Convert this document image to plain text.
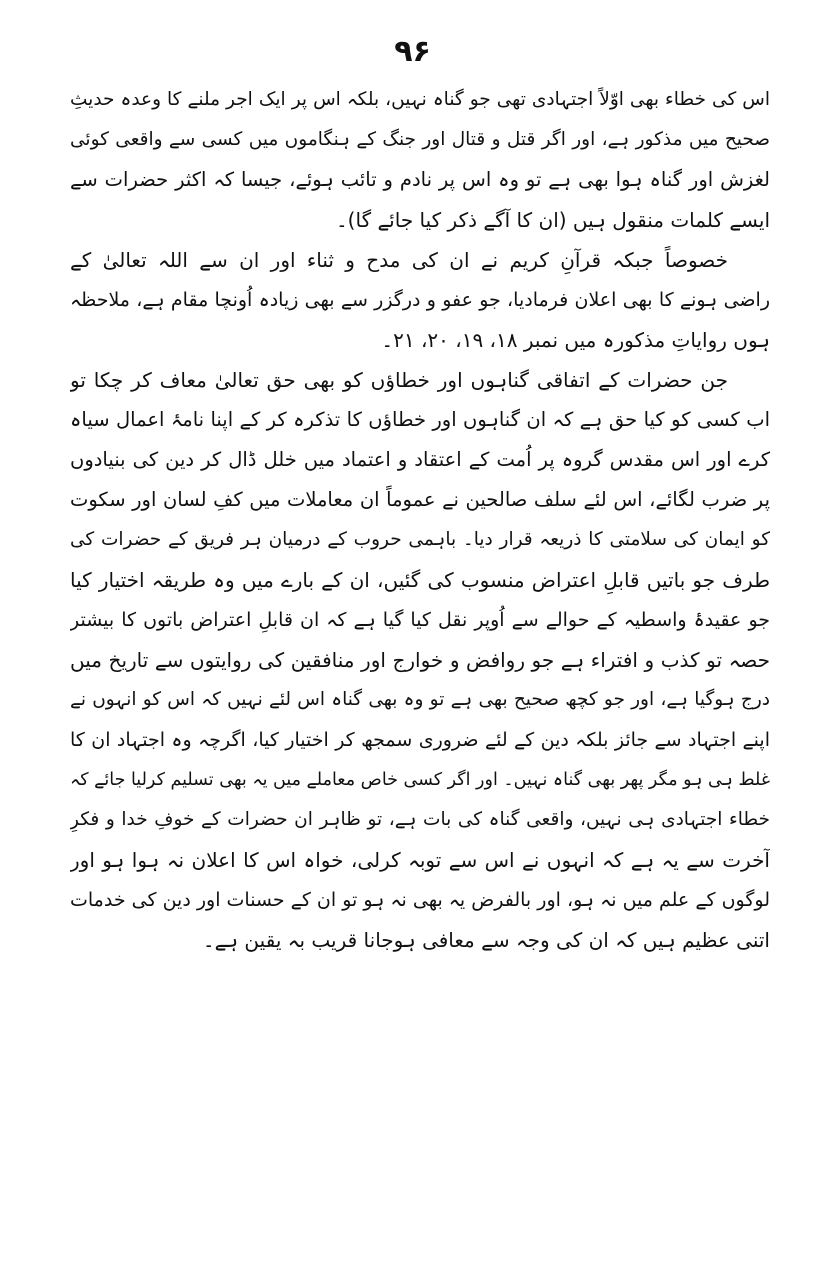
۹۶
اس کی خطاء بھی اوّلاً اجتہادی تھی جو گناہ نہیں، بلکہ اس پر ایک اجر ملنے کا وعدہ حدیثِ
صحیح میں مذکور ہے، اور اگر قتل و قتال اور جنگ کے ہنگاموں میں کسی سے واقعی کوئی
لغزش اور گناہ ہوا بھی ہے تو وہ اس پر نادم و تائب ہوئے، جیسا کہ اکثر حضرات سے
ایسے کلمات منقول ہیں (ان کا آگے ذکر کیا جائے گا)۔
خصوصاً جبکہ قرآنِ کریم نے ان کی مدح و ثناء اور ان سے اللہ تعالیٰ کے
راضی ہونے کا بھی اعلان فرمادیا، جو عفو و درگزر سے بھی زیادہ اُونچا مقام ہے، ملاحظہ
ہوں روایاتِ مذکورہ میں نمبر ۱۸، ۱۹، ۲۰، ۲۱۔
جن حضرات کے اتفاقی گناہوں اور خطاؤں کو بھی حق تعالیٰ معاف کر چکا تو
اب کسی کو کیا حق ہے کہ ان گناہوں اور خطاؤں کا تذکرہ کر کے اپنا نامۂ اعمال سیاہ
کرے اور اس مقدس گروہ پر اُمت کے اعتقاد و اعتماد میں خلل ڈال کر دین کی بنیادوں
پر ضرب لگائے، اس لئے سلف صالحین نے عموماً ان معاملات میں کفِ لسان اور سکوت
کو ایمان کی سلامتی کا ذریعہ قرار دیا۔ باہمی حروب کے درمیان ہر فریق کے حضرات کی
طرف جو باتیں قابلِ اعتراض منسوب کی گئیں، ان کے بارے میں وہ طریقہ اختیار کیا
جو عقیدۂ واسطیہ کے حوالے سے اُوپر نقل کیا گیا ہے کہ ان قابلِ اعتراض باتوں کا بیشتر
حصہ تو کذب و افتراء ہے جو روافض و خوارج اور منافقین کی روایتوں سے تاریخ میں
درج ہوگیا ہے، اور جو کچھ صحیح بھی ہے تو وہ بھی گناہ اس لئے نہیں کہ اس کو انہوں نے
اپنے اجتہاد سے جائز بلکہ دین کے لئے ضروری سمجھ کر اختیار کیا، اگرچہ وہ اجتہاد ان کا
غلط ہی ہو مگر پھر بھی گناہ نہیں۔ اور اگر کسی خاص معاملے میں یہ بھی تسلیم کرلیا جائے کہ
خطاء اجتہادی ہی نہیں، واقعی گناہ کی بات ہے، تو ظاہر ان حضرات کے خوفِ خدا و فکرِ
آخرت سے یہ ہے کہ انہوں نے اس سے توبہ کرلی، خواہ اس کا اعلان نہ ہوا ہو اور
لوگوں کے علم میں نہ ہو، اور بالفرض یہ بھی نہ ہو تو ان کے حسنات اور دین کی خدمات
اتنی عظیم ہیں کہ ان کی وجہ سے معافی ہوجانا قریب بہ یقین ہے۔
